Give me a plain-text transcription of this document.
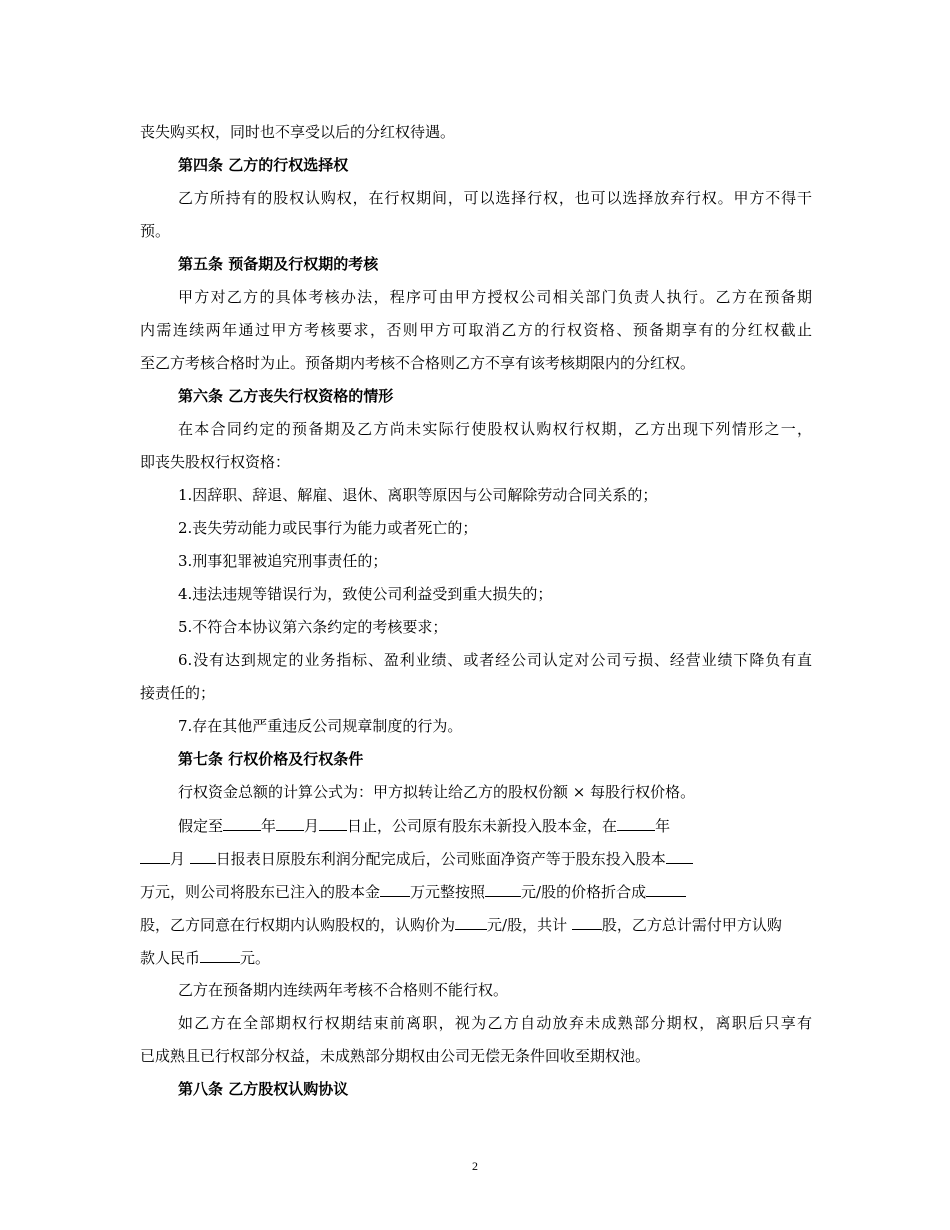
丧失购买权，同时也不享受以后的分红权待遇。
第四条 乙方的行权选择权
乙方所持有的股权认购权，在行权期间，可以选择行权，也可以选择放弃行权。甲方不得干
预。
第五条 预备期及行权期的考核
甲方对乙方的具体考核办法，程序可由甲方授权公司相关部门负责人执行。乙方在预备期
内需连续两年通过甲方考核要求，否则甲方可取消乙方的行权资格、预备期享有的分红权截止
至乙方考核合格时为止。预备期内考核不合格则乙方不享有该考核期限内的分红权。
第六条 乙方丧失行权资格的情形
在本合同约定的预备期及乙方尚未实际行使股权认购权行权期，乙方出现下列情形之一，
即丧失股权行权资格：
1.因辞职、辞退、解雇、退休、离职等原因与公司解除劳动合同关系的；
2.丧失劳动能力或民事行为能力或者死亡的；
3.刑事犯罪被追究刑事责任的；
4.违法违规等错误行为，致使公司利益受到重大损失的；
5.不符合本协议第六条约定的考核要求；
6.没有达到规定的业务指标、盈利业绩、或者经公司认定对公司亏损、经营业绩下降负有直
接责任的；
7.存在其他严重违反公司规章制度的行为。
第七条 行权价格及行权条件
行权资金总额的计算公式为：甲方拟转让给乙方的股权份额 × 每股行权价格。
假定至	年 月 日止，公司原有股东未新投入股本金，在	年
月 日报表日原股东利润分配完成后，公司账面净资产等于股东投入股本
万元，则公司将股东已注入的股本金 万元整按照 元/股的价格折合成
股，乙方同意在行权期内认购股权的，认购价为 元/股，共计 股，乙方总计需付甲方认购
款人民币	元。
乙方在预备期内连续两年考核不合格则不能行权。
如乙方在全部期权行权期结束前离职，视为乙方自动放弃未成熟部分期权，离职后只享有
已成熟且已行权部分权益，未成熟部分期权由公司无偿无条件回收至期权池。
第八条 乙方股权认购协议
2
